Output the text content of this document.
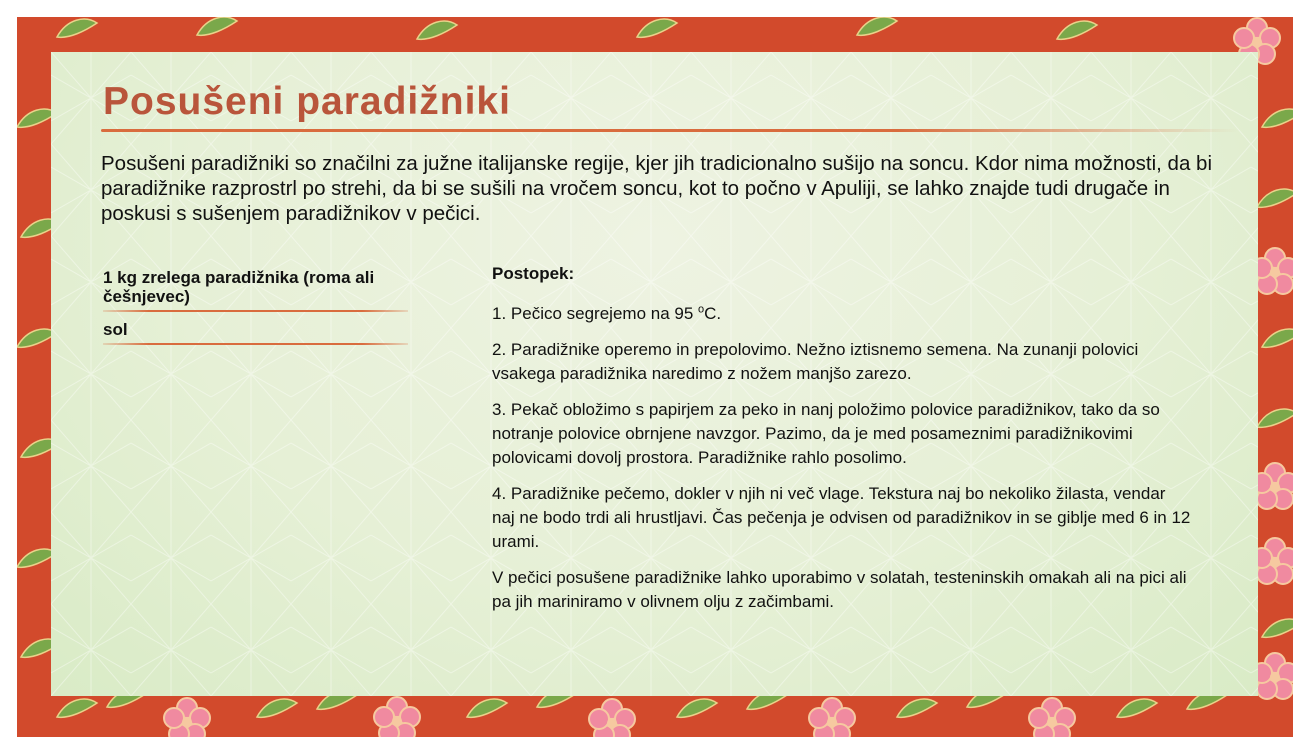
Posušeni paradižniki

Posušeni paradižniki so značilni za južne italijanske regije, kjer jih tradicionalno sušijo na soncu. Kdor nima možnosti, da bi paradižnike razprostrl po strehi, da bi se sušili na vročem soncu, kot to počno v Apuliji, se lahko znajde tudi drugače in poskusi s sušenjem paradižnikov v pečici.

1 kg zrelega paradižnika (roma ali češnjevec)
sol
Postopek:

1. Pečico segrejemo na 95 $^o$C.

2. Paradižnike operemo in prepolovimo. Nežno iztisnemo semena. Na zunanji polovici vsakega paradižnika naredimo z nožem manjšo zarezo.

3. Pekač obložimo s papirjem za peko in nanj položimo polovice paradižnikov, tako da so notranje polovice obrnjene navzgor. Pazimo, da je med posameznimi paradižnikovimi polovicami dovolj prostora. Paradižnike rahlo posolimo.

4. Paradižnike pečemo, dokler v njih ni več vlage. Tekstura naj bo nekoliko žilasta, vendar naj ne bodo trdi ali hrustljavi. Čas pečenja je odvisen od paradižnikov in se giblje med 6 in 12 urami.

V pečici posušene paradižnike lahko uporabimo v solatah, testeninskih omakah ali na pici ali pa jih mariniramo v olivnem olju z začimbami.
